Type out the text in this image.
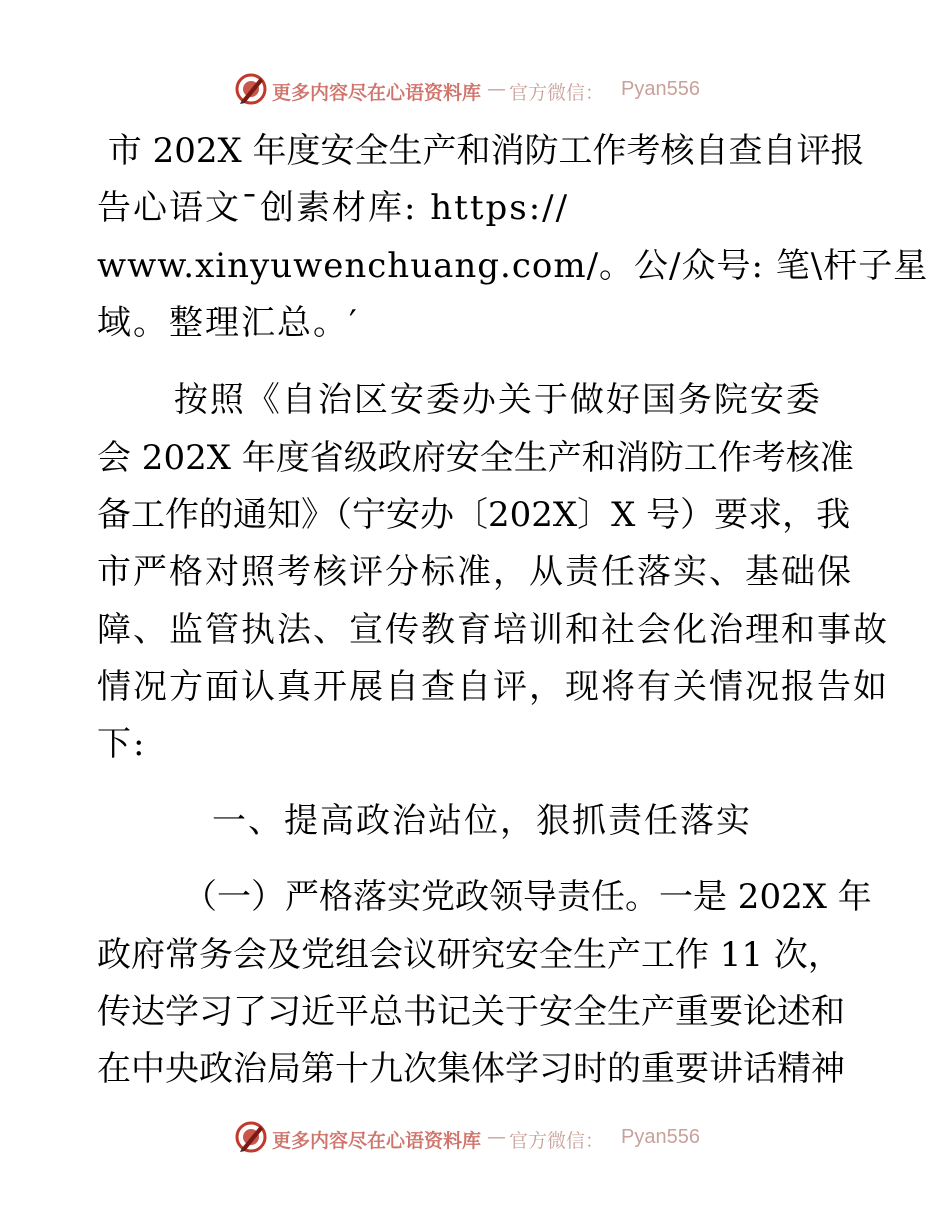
更多内容尽在心语资料库 — 官方微信： Pyan556
市 202X 年度安全生产和消防工作考核自查自评报
告心语文¯创素材库: https://
www.xinyuwenchuang.com/。公/众号: 笔\杆子星
域。整理汇总。′
按照《自治区安委办关于做好国务院安委
会 202X 年度省级政府安全生产和消防工作考核准
备工作的通知》（宁安办〔202X〕X 号）要求，我
市严格对照考核评分标准，从责任落实、基础保
障、监管执法、宣传教育培训和社会化治理和事故
情况方面认真开展自查自评，现将有关情况报告如
下:
一、提高政治站位，狠抓责任落实
（一）严格落实党政领导责任。一是 202X 年
政府常务会及党组会议研究安全生产工作 11 次，
传达学习了习近平总书记关于安全生产重要论述和
在中央政治局第十九次集体学习时的重要讲话精神
更多内容尽在心语资料库 — 官方微信： Pyan556
